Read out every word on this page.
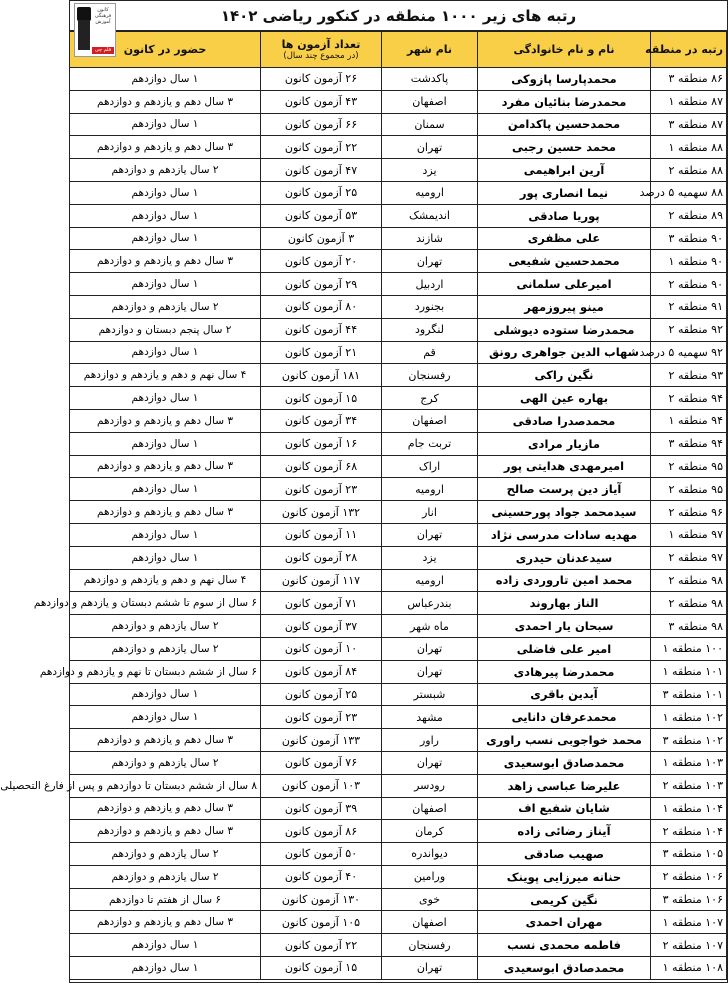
کانون فرهنگی آموزش
قلم چی
رتبه های زیر ۱۰۰۰ منطقه در کنکور ریاضی ۱۴۰۲
رتبه در منطقه	نام و نام خانوادگی	نام شهر	تعداد آزمون ها
(در مجموع چند سال)	حضور در کانون
۸۶ منطقه ۳	محمدپارسا پازوکی	پاکدشت	۲۶ آزمون کانون	۱ سال دوازدهم
۸۷ منطقه ۱	محمدرضا بنائیان مفرد	اصفهان	۴۳ آزمون کانون	۳ سال دهم و یازدهم و دوازدهم
۸۷ منطقه ۳	محمدحسین پاکدامن	سمنان	۶۶ آزمون کانون	۱ سال دوازدهم
۸۸ منطقه ۱	محمد حسین رجبی	تهران	۲۲ آزمون کانون	۳ سال دهم و یازدهم و دوازدهم
۸۸ منطقه ۲	آرین ابراهیمی	یزد	۴۷ آزمون کانون	۲ سال یازدهم و دوازدهم
۸۸ سهمیه ۵ درصد	نیما انصاری پور	ارومیه	۲۵ آزمون کانون	۱ سال دوازدهم
۸۹ منطقه ۲	پوریا صادقی	اندیمشک	۵۳ آزمون کانون	۱ سال دوازدهم
۹۰ منطقه ۳	علی مظفری	شازند	۳ آزمون کانون	۱ سال دوازدهم
۹۰ منطقه ۱	محمدحسین شفیعی	تهران	۲۰ آزمون کانون	۳ سال دهم و یازدهم و دوازدهم
۹۰ منطقه ۲	امیرعلی سلمانی	اردبیل	۲۹ آزمون کانون	۱ سال دوازدهم
۹۱ منطقه ۲	مینو پیروزمهر	بجنورد	۸۰ آزمون کانون	۲ سال یازدهم و دوازدهم
۹۲ منطقه ۲	محمدرضا ستوده دیوشلی	لنگرود	۴۴ آزمون کانون	۲ سال پنجم دبستان و دوازدهم
۹۲ سهمیه ۵ درصد	شهاب الدین جواهری رونق	قم	۲۱ آزمون کانون	۱ سال دوازدهم
۹۳ منطقه ۲	نگین راکی	رفسنجان	۱۸۱ آزمون کانون	۴ سال نهم و دهم و یازدهم و دوازدهم
۹۴ منطقه ۲	بهاره عین الهی	کرج	۱۵ آزمون کانون	۱ سال دوازدهم
۹۴ منطقه ۱	محمدصدرا صادقی	اصفهان	۳۴ آزمون کانون	۳ سال دهم و یازدهم و دوازدهم
۹۴ منطقه ۳	مازیار مرادی	تربت جام	۱۶ آزمون کانون	۱ سال دوازدهم
۹۵ منطقه ۲	امیرمهدی هدایتی پور	اراک	۶۸ آزمون کانون	۳ سال دهم و یازدهم و دوازدهم
۹۵ منطقه ۲	آیاز دین پرست صالح	ارومیه	۲۳ آزمون کانون	۱ سال دوازدهم
۹۶ منطقه ۲	سیدمحمد جواد پورحسینی	انار	۱۳۲ آزمون کانون	۳ سال دهم و یازدهم و دوازدهم
۹۷ منطقه ۱	مهدیه سادات مدرسی نژاد	تهران	۱۱ آزمون کانون	۱ سال دوازدهم
۹۷ منطقه ۲	سیدعدنان حیدری	یزد	۲۸ آزمون کانون	۱ سال دوازدهم
۹۸ منطقه ۲	محمد امین تاروردی زاده	ارومیه	۱۱۷ آزمون کانون	۴ سال نهم و دهم و یازدهم و دوازدهم
۹۸ منطقه ۲	الناز بهاروند	بندرعباس	۷۱ آزمون کانون	۶ سال از سوم تا ششم دبستان و یازدهم و دوازدهم
۹۸ منطقه ۳	سبحان یار احمدی	ماه شهر	۳۷ آزمون کانون	۲ سال یازدهم و دوازدهم
۱۰۰ منطقه ۱	امیر علی فاضلی	تهران	۱۰ آزمون کانون	۲ سال یازدهم و دوازدهم
۱۰۱ منطقه ۱	محمدرضا پیرهادی	تهران	۸۴ آزمون کانون	۶ سال از ششم دبستان تا نهم و یازدهم و دوازدهم
۱۰۱ منطقه ۳	آیدین باقری	شبستر	۲۵ آزمون کانون	۱ سال دوازدهم
۱۰۲ منطقه ۱	محمدعرفان دانایی	مشهد	۲۳ آزمون کانون	۱ سال دوازدهم
۱۰۲ منطقه ۳	محمد خواجوبی نسب راوری	راور	۱۳۳ آزمون کانون	۳ سال دهم و یازدهم و دوازدهم
۱۰۳ منطقه ۱	محمدصادق ابوسعیدی	تهران	۷۶ آزمون کانون	۲ سال یازدهم و دوازدهم
۱۰۳ منطقه ۲	علیرضا عباسی زاهد	رودسر	۱۰۳ آزمون کانون	۸ سال از ششم دبستان تا دوازدهم و پس از فارغ التحصیلی
۱۰۴ منطقه ۱	شایان شفیع اف	اصفهان	۳۹ آزمون کانون	۳ سال دهم و یازدهم و دوازدهم
۱۰۴ منطقه ۲	آیناز رضائی زاده	کرمان	۸۶ آزمون کانون	۳ سال دهم و یازدهم و دوازدهم
۱۰۵ منطقه ۳	صهیب صادقی	دیواندره	۵۰ آزمون کانون	۲ سال یازدهم و دوازدهم
۱۰۶ منطقه ۲	حنانه میرزایی پوینک	ورامین	۴۰ آزمون کانون	۲ سال یازدهم و دوازدهم
۱۰۶ منطقه ۳	نگین کریمی	خوی	۱۳۰ آزمون کانون	۶ سال از هفتم تا دوازدهم
۱۰۷ منطقه ۱	مهران احمدی	اصفهان	۱۰۵ آزمون کانون	۳ سال دهم و یازدهم و دوازدهم
۱۰۷ منطقه ۲	فاطمه محمدی نسب	رفسنجان	۲۲ آزمون کانون	۱ سال دوازدهم
۱۰۸ منطقه ۱	محمدصادق ابوسعیدی	تهران	۱۵ آزمون کانون	۱ سال دوازدهم
